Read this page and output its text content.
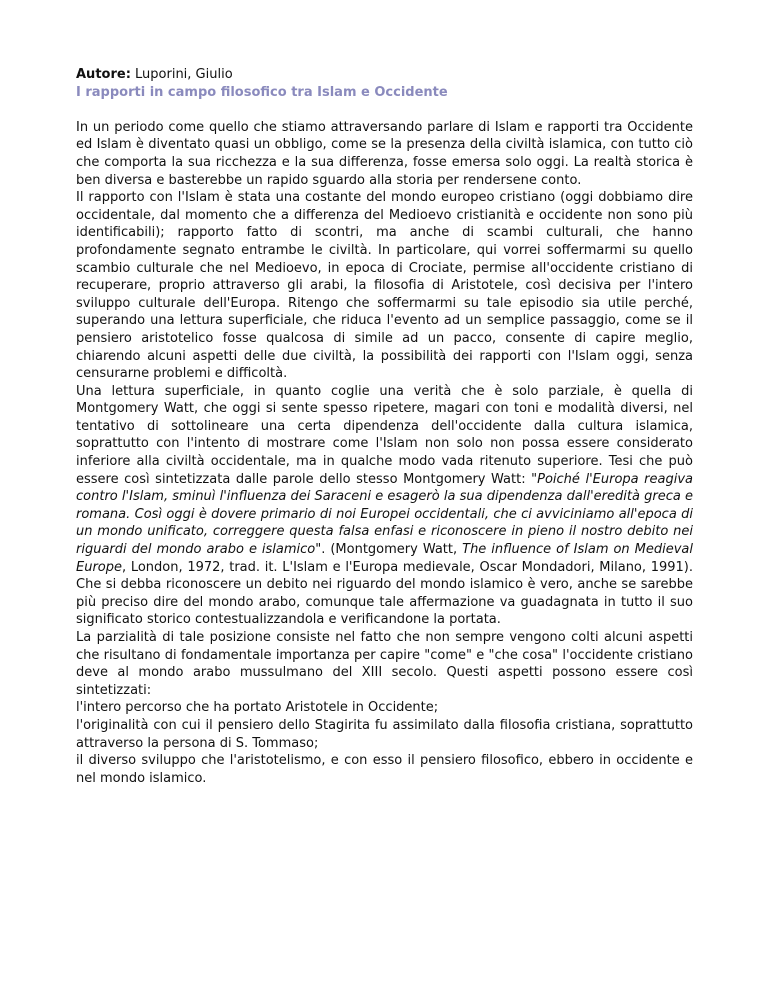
Autore: Luporini, Giulio

I rapporti in campo filosofico tra Islam e Occidente

In un periodo come quello che stiamo attraversando parlare di Islam e rapporti tra Occidente ed Islam è diventato quasi un obbligo, come se la presenza della civiltà islamica, con tutto ciò che comporta la sua ricchezza e la sua differenza, fosse emersa solo oggi. La realtà storica è ben diversa e basterebbe un rapido sguardo alla storia per rendersene conto.

Il rapporto con l'Islam è stata una costante del mondo europeo cristiano (oggi dobbiamo dire occidentale, dal momento che a differenza del Medioevo cristianità e occidente non sono più identificabili); rapporto fatto di scontri, ma anche di scambi culturali, che hanno profondamente segnato entrambe le civiltà. In particolare, qui vorrei soffermarmi su quello scambio culturale che nel Medioevo, in epoca di Crociate, permise all'occidente cristiano di recuperare, proprio attraverso gli arabi, la filosofia di Aristotele, così decisiva per l'intero sviluppo culturale dell'Europa. Ritengo che soffermarmi su tale episodio sia utile perché, superando una lettura superficiale, che riduca l'evento ad un semplice passaggio, come se il pensiero aristotelico fosse qualcosa di simile ad un pacco, consente di capire meglio, chiarendo alcuni aspetti delle due civiltà, la possibilità dei rapporti con l'Islam oggi, senza censurarne problemi e difficoltà.

Una lettura superficiale, in quanto coglie una verità che è solo parziale, è quella di Montgomery Watt, che oggi si sente spesso ripetere, magari con toni e modalità diversi, nel tentativo di sottolineare una certa dipendenza dell'occidente dalla cultura islamica, soprattutto con l'intento di mostrare come l'Islam non solo non possa essere considerato inferiore alla civiltà occidentale, ma in qualche modo vada ritenuto superiore. Tesi che può essere così sintetizzata dalle parole dello stesso Montgomery Watt: "Poiché l'Europa reagiva contro l'Islam, sminuì l'influenza dei Saraceni e esagerò la sua dipendenza dall'eredità greca e romana. Così oggi è dovere primario di noi Europei occidentali, che ci avviciniamo all'epoca di un mondo unificato, correggere questa falsa enfasi e riconoscere in pieno il nostro debito nei riguardi del mondo arabo e islamico". (Montgomery Watt, The influence of Islam on Medieval Europe, London, 1972, trad. it. L'Islam e l'Europa medievale, Oscar Mondadori, Milano, 1991). Che si debba riconoscere un debito nei riguardo del mondo islamico è vero, anche se sarebbe più preciso dire del mondo arabo, comunque tale affermazione va guadagnata in tutto il suo significato storico contestualizzandola e verificandone la portata.

La parzialità di tale posizione consiste nel fatto che non sempre vengono colti alcuni aspetti che risultano di fondamentale importanza per capire "come" e "che cosa" l'occidente cristiano deve al mondo arabo mussulmano del XIII secolo. Questi aspetti possono essere così sintetizzati:

l'intero percorso che ha portato Aristotele in Occidente;

l'originalità con cui il pensiero dello Stagirita fu assimilato dalla filosofia cristiana, soprattutto attraverso la persona di S. Tommaso;

il diverso sviluppo che l'aristotelismo, e con esso il pensiero filosofico, ebbero in occidente e nel mondo islamico.
